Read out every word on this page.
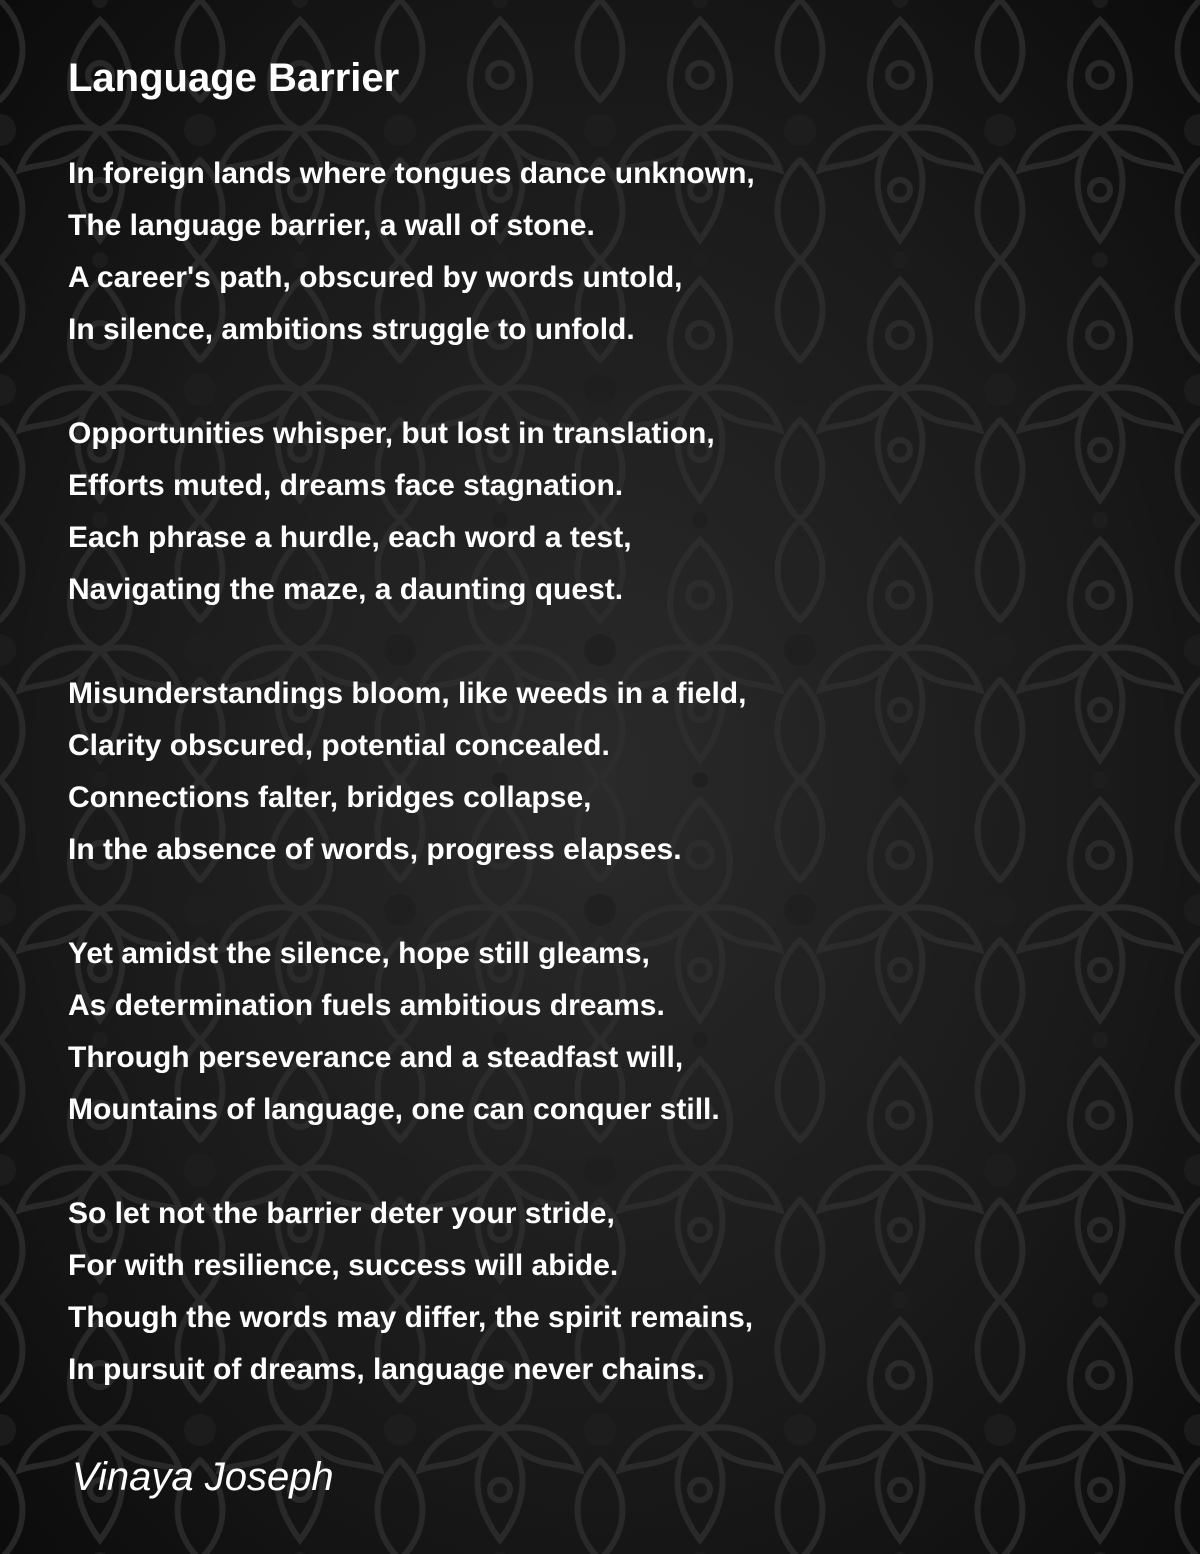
Language Barrier
In foreign lands where tongues dance unknown,
The language barrier, a wall of stone.
A career's path, obscured by words untold,
In silence, ambitions struggle to unfold.
Opportunities whisper, but lost in translation,
Efforts muted, dreams face stagnation.
Each phrase a hurdle, each word a test,
Navigating the maze, a daunting quest.
Misunderstandings bloom, like weeds in a field,
Clarity obscured, potential concealed.
Connections falter, bridges collapse,
In the absence of words, progress elapses.
Yet amidst the silence, hope still gleams,
As determination fuels ambitious dreams.
Through perseverance and a steadfast will,
Mountains of language, one can conquer still.
So let not the barrier deter your stride,
For with resilience, success will abide.
Though the words may differ, the spirit remains,
In pursuit of dreams, language never chains.
Vinaya Joseph
